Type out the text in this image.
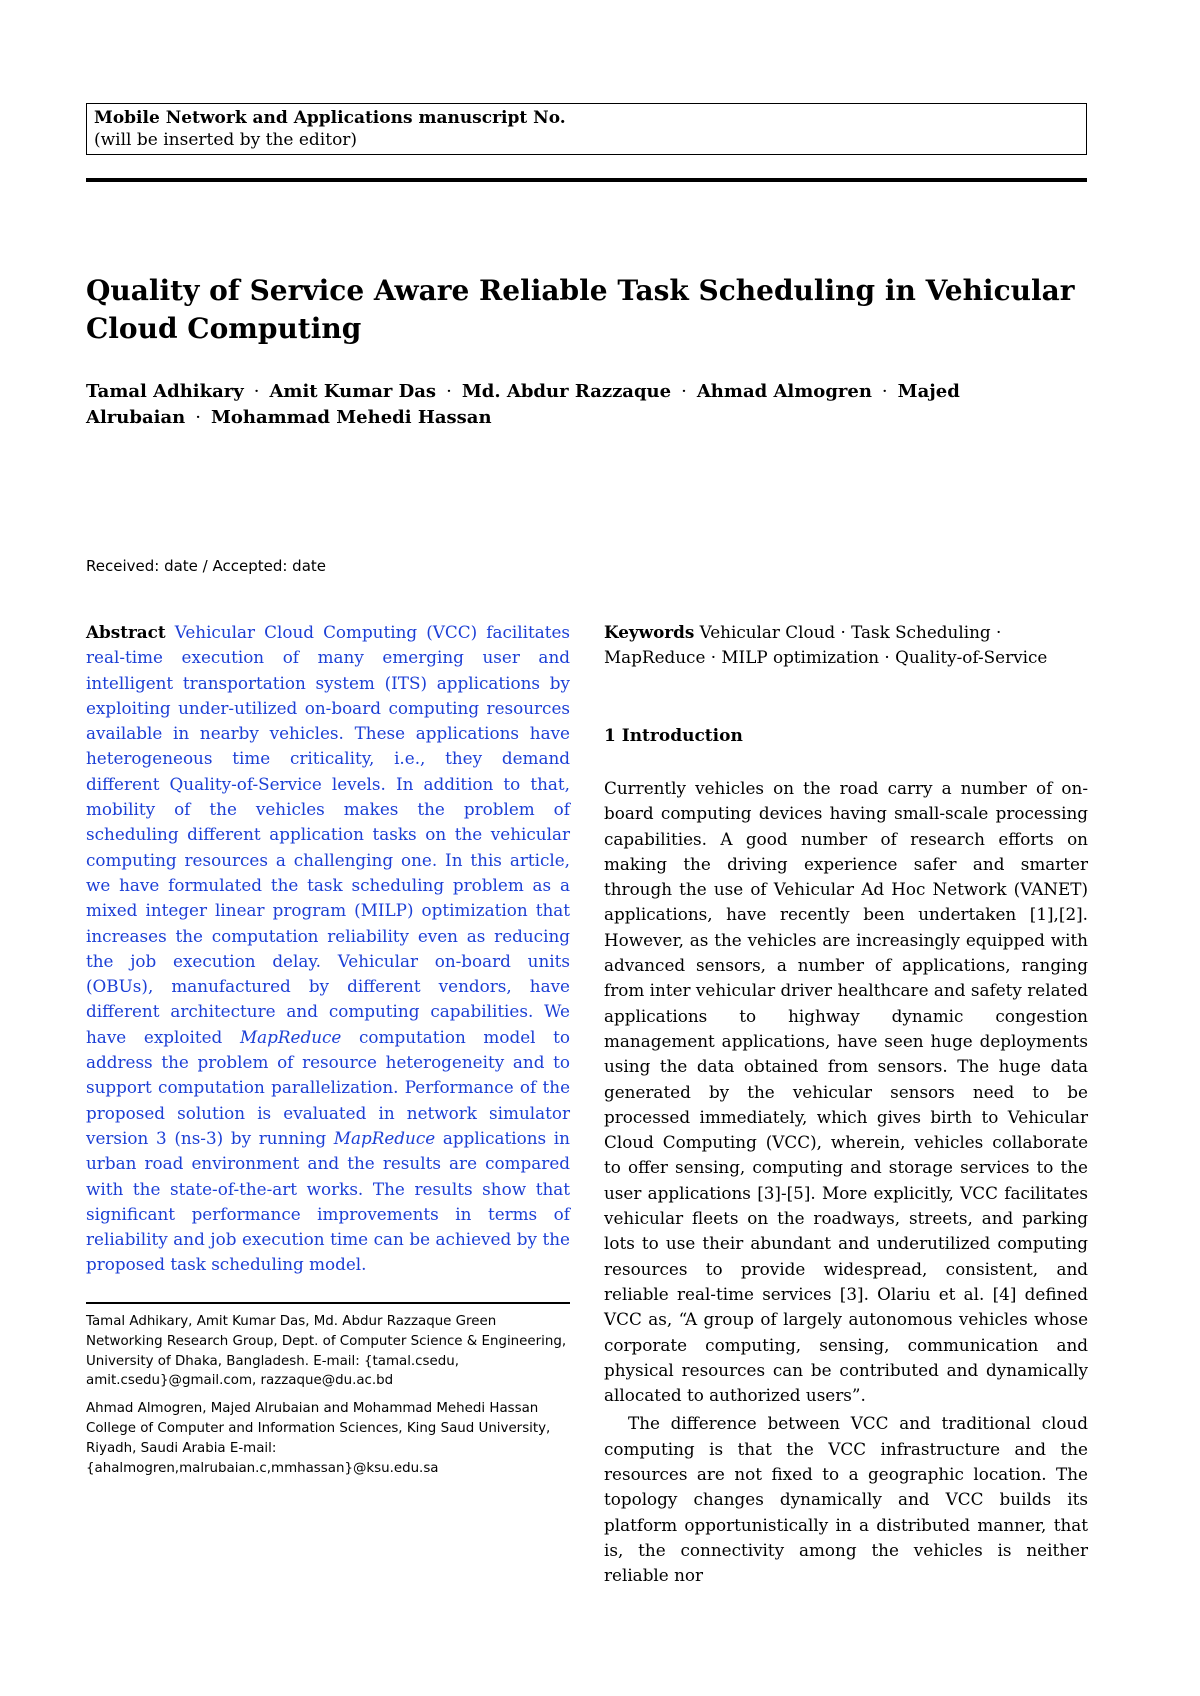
Mobile Network and Applications manuscript No.
(will be inserted by the editor)
Quality of Service Aware Reliable Task Scheduling in Vehicular Cloud Computing
Tamal Adhikary · Amit Kumar Das · Md. Abdur Razzaque · Ahmad Almogren · Majed Alrubaian · Mohammad Mehedi Hassan
Received: date / Accepted: date
Abstract Vehicular Cloud Computing (VCC) facilitates real-time execution of many emerging user and intelligent transportation system (ITS) applications by exploiting under-utilized on-board computing resources available in nearby vehicles. These applications have heterogeneous time criticality, i.e., they demand different Quality-of-Service levels. In addition to that, mobility of the vehicles makes the problem of scheduling different application tasks on the vehicular computing resources a challenging one. In this article, we have formulated the task scheduling problem as a mixed integer linear program (MILP) optimization that increases the computation reliability even as reducing the job execution delay. Vehicular on-board units (OBUs), manufactured by different vendors, have different architecture and computing capabilities. We have exploited MapReduce computation model to address the problem of resource heterogeneity and to support computation parallelization. Performance of the proposed solution is evaluated in network simulator version 3 (ns-3) by running MapReduce applications in urban road environment and the results are compared with the state-of-the-art works. The results show that significant performance improvements in terms of reliability and job execution time can be achieved by the proposed task scheduling model.

Tamal Adhikary, Amit Kumar Das, Md. Abdur Razzaque Green Networking Research Group, Dept. of Computer Science & Engineering, University of Dhaka, Bangladesh. E-mail: {tamal.csedu, amit.csedu}@gmail.com, razzaque@du.ac.bd

Ahmad Almogren, Majed Alrubaian and Mohammad Mehedi Hassan College of Computer and Information Sciences, King Saud University, Riyadh, Saudi Arabia E-mail: {ahalmogren,malrubaian.c,mmhassan}@ksu.edu.sa

Keywords Vehicular Cloud · Task Scheduling · MapReduce · MILP optimization · Quality-of-Service
1 Introduction

Currently vehicles on the road carry a number of on-board computing devices having small-scale processing capabilities. A good number of research efforts on making the driving experience safer and smarter through the use of Vehicular Ad Hoc Network (VANET) applications, have recently been undertaken [1],[2]. However, as the vehicles are increasingly equipped with advanced sensors, a number of applications, ranging from inter vehicular driver healthcare and safety related applications to highway dynamic congestion management applications, have seen huge deployments using the data obtained from sensors. The huge data generated by the vehicular sensors need to be processed immediately, which gives birth to Vehicular Cloud Computing (VCC), wherein, vehicles collaborate to offer sensing, computing and storage services to the user applications [3]-[5]. More explicitly, VCC facilitates vehicular fleets on the roadways, streets, and parking lots to use their abundant and underutilized computing resources to provide widespread, consistent, and reliable real-time services [3]. Olariu et al. [4] defined VCC as, “A group of largely autonomous vehicles whose corporate computing, sensing, communication and physical resources can be contributed and dynamically allocated to authorized users”.

The difference between VCC and traditional cloud computing is that the VCC infrastructure and the resources are not fixed to a geographic location. The topology changes dynamically and VCC builds its platform opportunistically in a distributed manner, that is, the connectivity among the vehicles is neither reliable nor
